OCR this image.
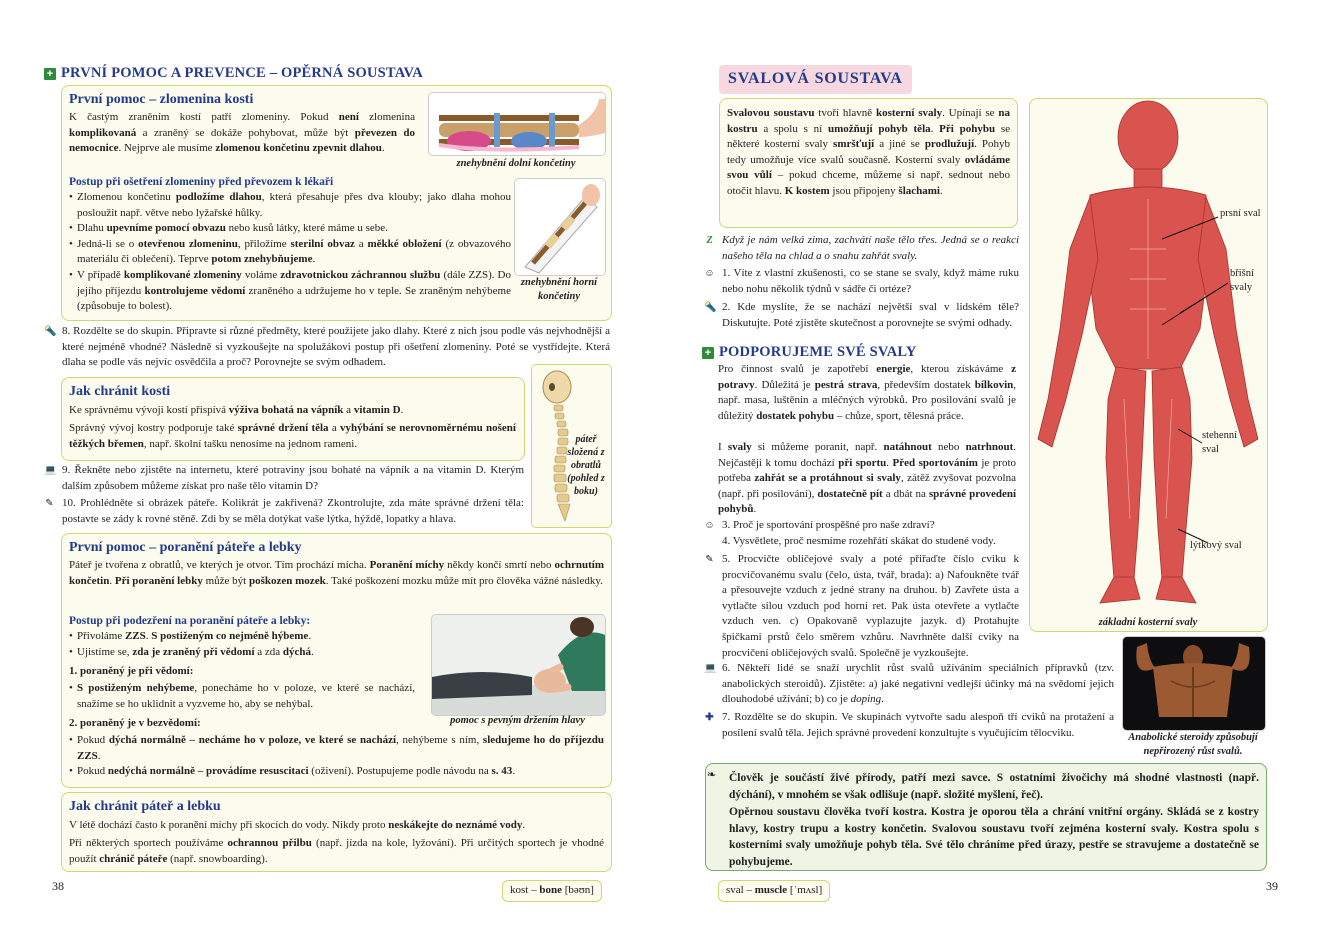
+ PRVNÍ POMOC A PREVENCE – OPĚRNÁ SOUSTAVA
První pomoc – zlomenina kosti

K častým zraněním kostí patří zlomeniny. Pokud není zlomenina komplikovaná a zraněný se dokáže pohybovat, může být převezen do nemocnice. Nejprve ale musíme zlomenou končetinu zpevnit dlahou.

znehybnění dolní končetiny
Postup při ošetření zlomeniny před převozem k lékaři
• Zlomenou končetinu podložíme dlahou, která přesahuje přes dva klouby; jako dlaha mohou posloužit např. větve nebo lyžařské hůlky.
• Dlahu upevníme pomocí obvazu nebo kusů látky, které máme u sebe.
• Jedná-li se o otevřenou zlomeninu, přiložíme sterilní obvaz a měkké obložení (z obvazového materiálu či oblečení). Teprve potom znehybňujeme.
• V případě komplikované zlomeniny voláme zdravotnickou záchrannou službu (dále ZZS). Do jejího příjezdu kontrolujeme vědomí zraněného a udržujeme ho v teple. Se zraněným nehýbeme (způsobuje to bolest).
znehybnění horní končetiny
🔦 8. Rozdělte se do skupin. Připravte si různé předměty, které použijete jako dlahy. Které z nich jsou podle vás nejvhodnější a které nejméně vhodné? Následně si vyzkoušejte na spolužákovi postup při ošetření zlomeniny. Poté se vystřídejte. Která dlaha se podle vás nejvíc osvědčila a proč? Porovnejte se svým odhadem.
Jak chránit kosti

Ke správnému vývoji kostí přispívá výživa bohatá na vápník a vitamin D.

Správný vývoj kostry podporuje také správné držení těla a vyhýbání se nerovnoměrnému nošení těžkých břemen, např. školní tašku nenosíme na jednom rameni.	páteř složená z obratlů (pohled z boku)
💻 9. Řekněte nebo zjistěte na internetu, které potraviny jsou bohaté na vápník a na vitamin D. Kterým dalším způsobem můžeme získat pro naše tělo vitamin D?
✎ 10. Prohlédněte si obrázek páteře. Kolikrát je zakřivená? Zkontrolujte, zda máte správné držení těla: postavte se zády k rovné stěně. Zdi by se měla dotýkat vaše lýtka, hýždě, lopatky a hlava.
První pomoc – poranění páteře a lebky

Páteř je tvořena z obratlů, ve kterých je otvor. Tím prochází mícha. Poranění míchy někdy končí smrtí nebo ochrnutím končetin. Při poranění lebky může být poškozen mozek. Také poškození mozku může mít pro člověka vážné následky.

Postup při podezření na poranění páteře a lebky:
• Přivoláme ZZS. S postiženým co nejméně hýbeme.
• Ujistíme se, zda je zraněný při vědomí a zda dýchá.
1. poraněný je při vědomí:
• S postiženým nehýbeme, ponecháme ho v poloze, ve které se nachází, snažíme se ho uklidnit a vyzveme ho, aby se nehýbal.
2. poraněný je v bezvědomí:
• Pokud dýchá normálně – necháme ho v poloze, ve které se nachází, nehýbeme s ním, sledujeme ho do příjezdu ZZS.
• Pokud nedýchá normálně – provádíme resuscitaci (oživení). Postupujeme podle návodu na s. 43.
pomoc s pevným držením hlavy
Jak chránit páteř a lebku

V létě dochází často k poranění míchy při skocích do vody. Nikdy proto neskákejte do neznámé vody.

Při některých sportech používáme ochrannou přilbu (např. jízda na kole, lyžování). Při určitých sportech je vhodné použít chránič páteře (např. snowboarding).

38	kost – bone [bəʊn]
SVALOVÁ SOUSTAVA

Svalovou soustavu tvoří hlavně kosterní svaly. Upínají se na kostru a spolu s ní umožňují pohyb těla. Při pohybu se některé kosterní svaly smršťují a jiné se prodlužují. Pohyb tedy umožňuje více svalů současně. Kosterní svaly ovládáme svou vůlí – pokud chceme, můžeme si např. sednout nebo otočit hlavu. K kostem jsou připojeny šlachami.

Z Když je nám velká zima, zachvátí naše tělo třes. Jedná se o reakci našeho těla na chlad a o snahu zahřát svaly.
☺ 1. Víte z vlastní zkušenosti, co se stane se svaly, když máme ruku nebo nohu několik týdnů v sádře či ortéze?
🔦 2. Kde myslíte, že se nachází největší sval v lidském těle? Diskutujte. Poté zjistěte skutečnost a porovnejte se svými odhady.
+ PODPORUJEME SVÉ SVALY

Pro činnost svalů je zapotřebí energie, kterou získáváme z potravy. Důležitá je pestrá strava, především dostatek bílkovin, např. masa, luštěnin a mléčných výrobků. Pro posilování svalů je důležitý dostatek pohybu – chůze, sport, tělesná práce.

I svaly si můžeme poranit, např. natáhnout nebo natrhnout. Nejčastěji k tomu dochází při sportu. Před sportováním je proto potřeba zahřát se a protáhnout si svaly, zátěž zvyšovat pozvolna (např. při posilování), dostatečně pít a dbát na správné provedení pohybů.

☺ 3. Proč je sportování prospěšné pro naše zdraví?
4. Vysvětlete, proč nesmíme rozehřátí skákat do studené vody.
✎ 5. Procvičte obličejové svaly a poté přiřaďte číslo cviku k procvičovanému svalu (čelo, ústa, tvář, brada): a) Nafoukněte tvář a přesouvejte vzduch z jedné strany na druhou. b) Zavřete ústa a vytlačte silou vzduch pod horní ret. Pak ústa otevřete a vytlačte vzduch ven. c) Opakovaně vyplazujte jazyk. d) Protahujte špičkami prstů čelo směrem vzhůru. Navrhněte další cviky na procvičení obličejových svalů. Společně je vyzkoušejte.
💻 6. Někteří lidé se snaží urychlit růst svalů užíváním speciálních přípravků (tzv. anabolických steroidů). Zjistěte: a) jaké negativní vedlejší účinky má na svědomí jejich dlouhodobé užívání; b) co je doping.
✚ 7. Rozdělte se do skupin. Ve skupinách vytvořte sadu alespoň tří cviků na protažení a posílení svalů těla. Jejich správné provedení konzultujte s vyučujícím tělocviku.
prsní sval
břišní svaly
stehenní sval
lýtkový sval
základní kosterní svaly
Anabolické steroidy způsobují nepřirozený růst svalů.
❧ Člověk je součástí živé přírody, patří mezi savce. S ostatními živočichy má shodné vlastnosti (např. dýchání), v mnohém se však odlišuje (např. složité myšlení, řeč).

Opěrnou soustavu člověka tvoří kostra. Kostra je oporou těla a chrání vnitřní orgány. Skládá se z kostry hlavy, kostry trupu a kostry končetin. Svalovou soustavu tvoří zejména kosterní svaly. Kostra spolu s kosterními svaly umožňuje pohyb těla. Své tělo chráníme před úrazy, pestře se stravujeme a dostatečně se pohybujeme.

sval – muscle [ˈmʌsl]	39
